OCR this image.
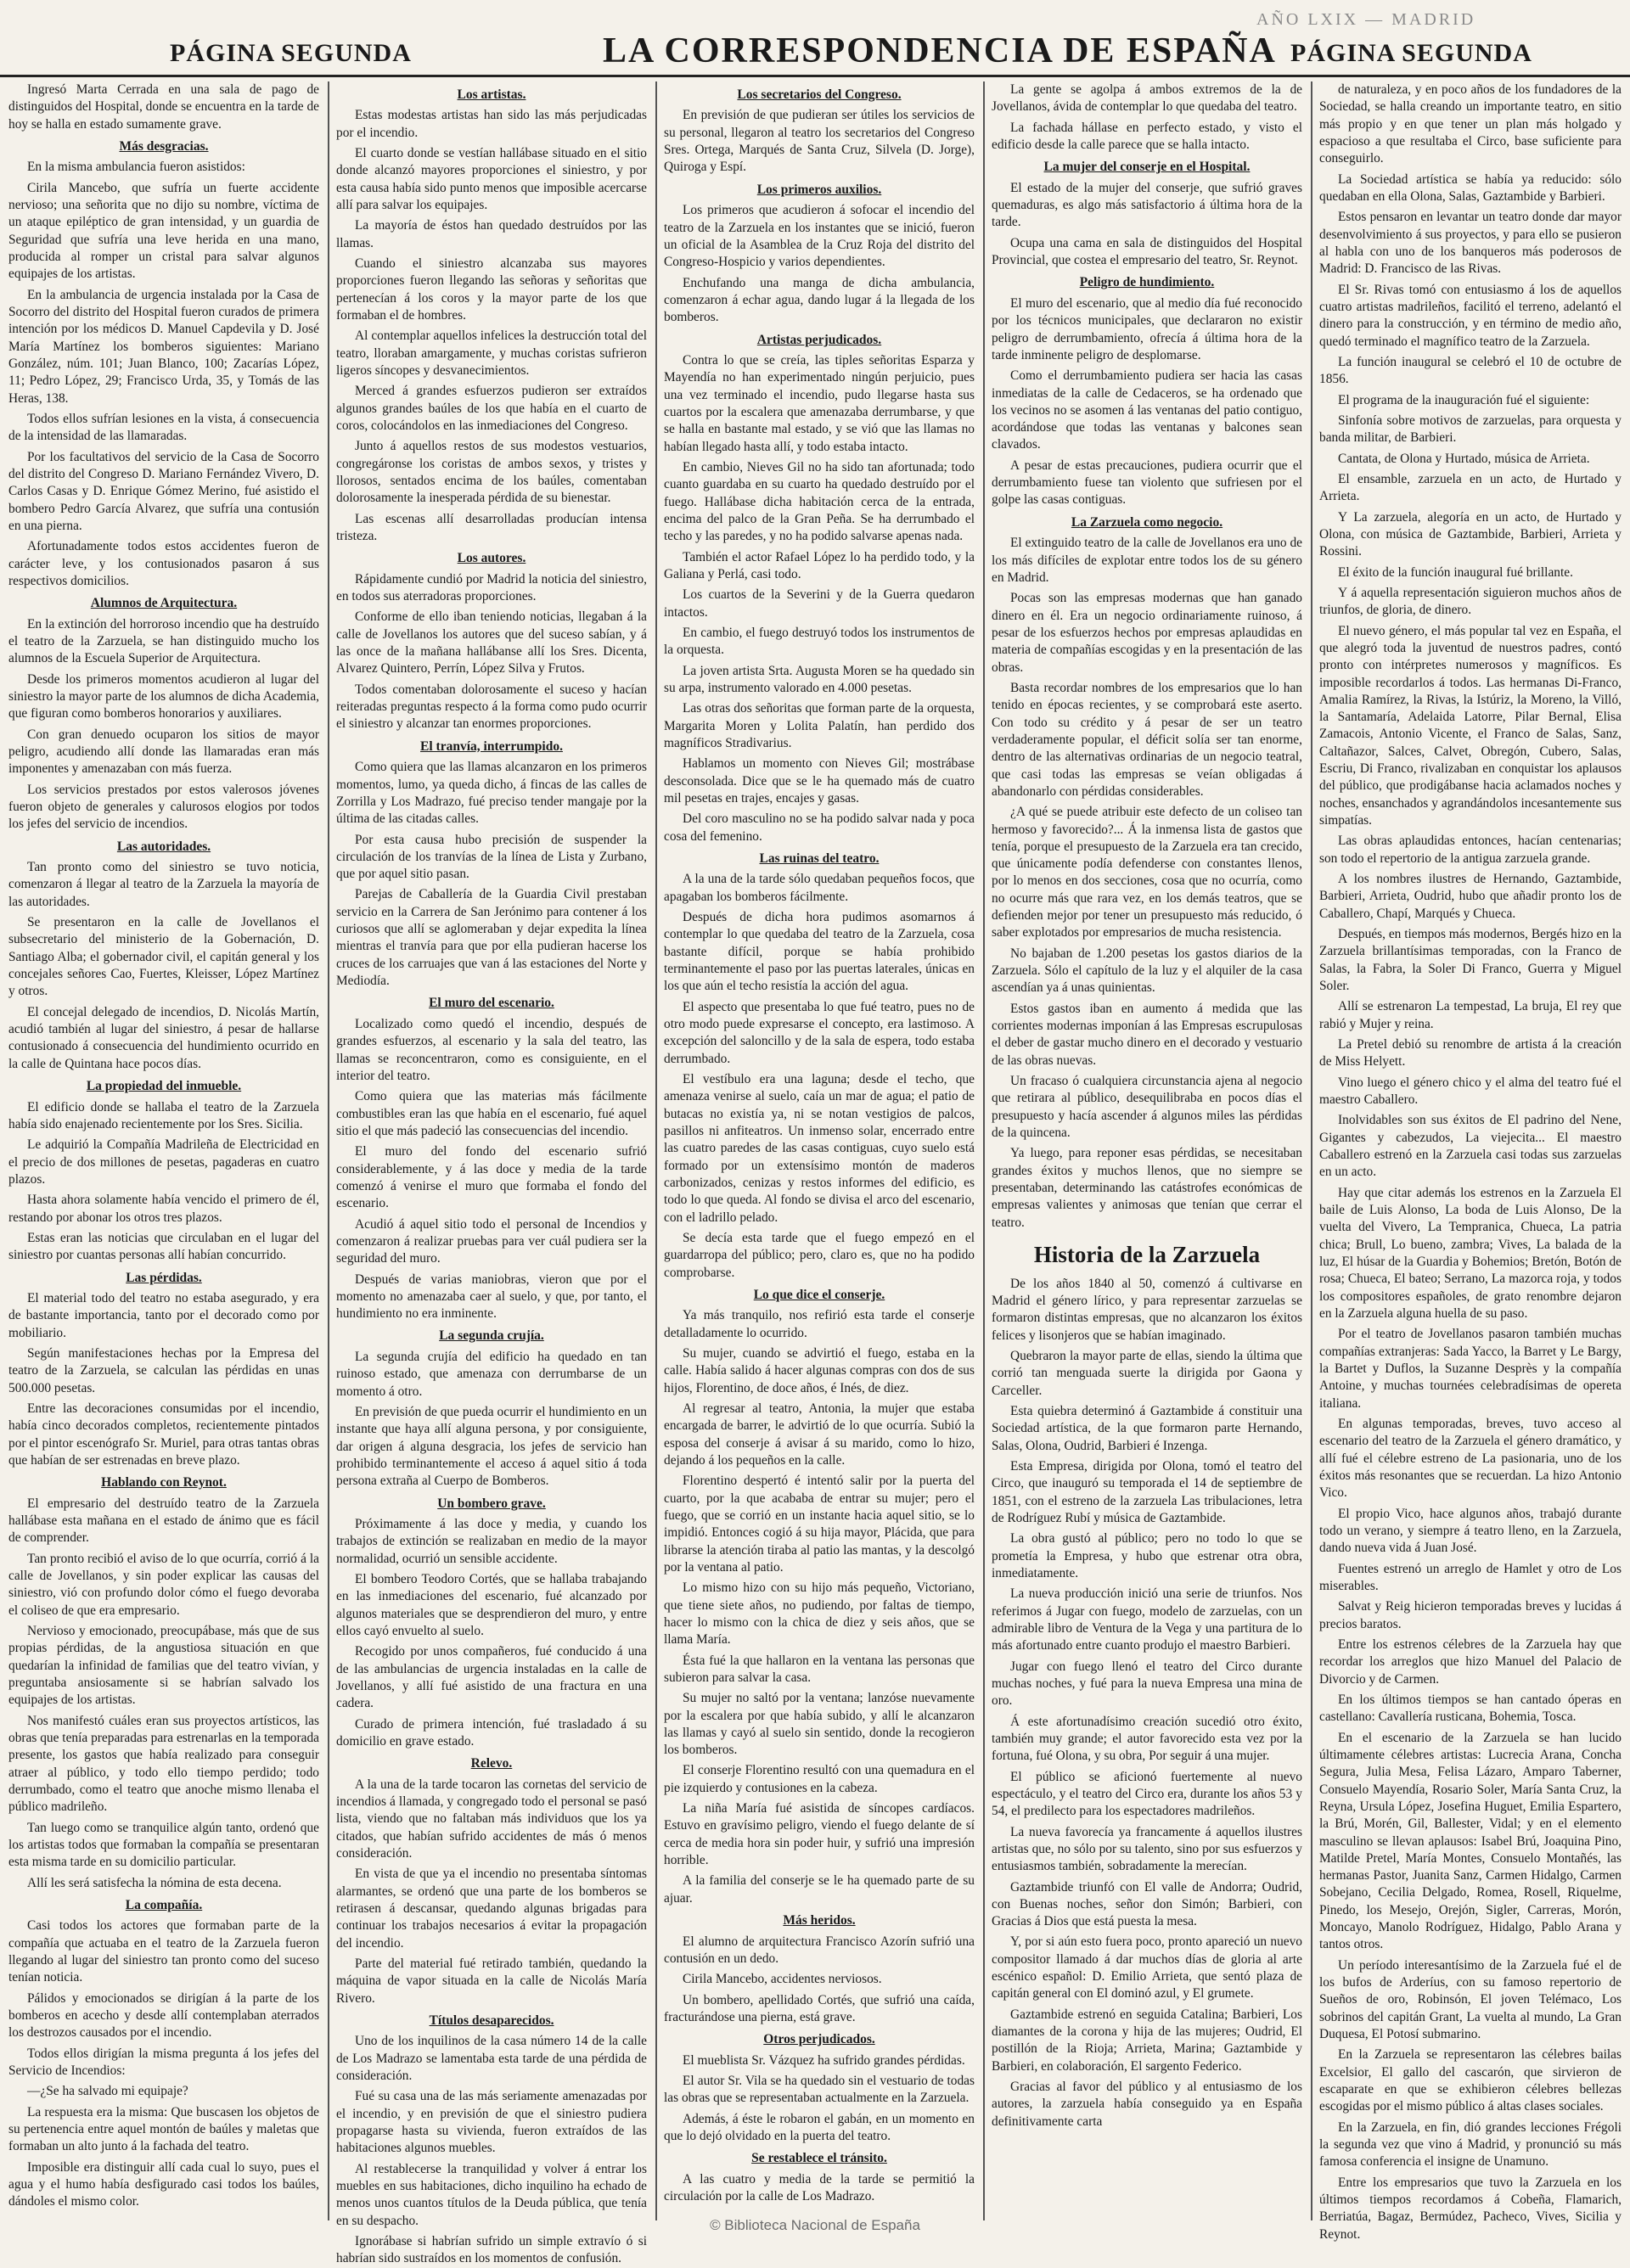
AÑO LXIX — MADRID
PÁGINA SEGUNDA	LA CORRESPONDENCIA DE ESPAÑA PÁGINA SEGUNDA

Ingresó Marta Cerrada en una sala de pago de distinguidos del Hospital, donde se encuentra en la tarde de hoy se halla en estado sumamente grave.

Más desgracias.

En la misma ambulancia fueron asistidos:

Cirila Mancebo, que sufría un fuerte accidente nervioso; una señorita que no dijo su nombre, víctima de un ataque epiléptico de gran intensidad, y un guardia de Seguridad que sufría una leve herida en una mano, producida al romper un cristal para salvar algunos equipajes de los artistas.

En la ambulancia de urgencia instalada por la Casa de Socorro del distrito del Hospital fueron curados de primera intención por los médicos D. Manuel Capdevila y D. José María Martínez los bomberos siguientes: Mariano González, núm. 101; Juan Blanco, 100; Zacarías López, 11; Pedro López, 29; Francisco Urda, 35, y Tomás de las Heras, 138.

Todos ellos sufrían lesiones en la vista, á consecuencia de la intensidad de las llamaradas.

Por los facultativos del servicio de la Casa de Socorro del distrito del Congreso D. Mariano Fernández Vivero, D. Carlos Casas y D. Enrique Gómez Merino, fué asistido el bombero Pedro García Alvarez, que sufría una contusión en una pierna.

Afortunadamente todos estos accidentes fueron de carácter leve, y los contusionados pasaron á sus respectivos domicilios.

Alumnos de Arquitectura.

En la extinción del horroroso incendio que ha destruído el teatro de la Zarzuela, se han distinguido mucho los alumnos de la Escuela Superior de Arquitectura.

Desde los primeros momentos acudieron al lugar del siniestro la mayor parte de los alumnos de dicha Academia, que figuran como bomberos honorarios y auxiliares.

Con gran denuedo ocuparon los sitios de mayor peligro, acudiendo allí donde las llamaradas eran más imponentes y amenazaban con más fuerza.

Los servicios prestados por estos valerosos jóvenes fueron objeto de generales y calurosos elogios por todos los jefes del servicio de incendios.

Las autoridades.

Tan pronto como del siniestro se tuvo noticia, comenzaron á llegar al teatro de la Zarzuela la mayoría de las autoridades.

Se presentaron en la calle de Jovellanos el subsecretario del ministerio de la Gobernación, D. Santiago Alba; el gobernador civil, el capitán general y los concejales señores Cao, Fuertes, Kleisser, López Martínez y otros.

El concejal delegado de incendios, D. Nicolás Martín, acudió también al lugar del siniestro, á pesar de hallarse contusionado á consecuencia del hundimiento ocurrido en la calle de Quintana hace pocos días.

La propiedad del inmueble.

El edificio donde se hallaba el teatro de la Zarzuela había sido enajenado recientemente por los Sres. Sicilia.

Le adquirió la Compañía Madrileña de Electricidad en el precio de dos millones de pesetas, pagaderas en cuatro plazos.

Hasta ahora solamente había vencido el primero de él, restando por abonar los otros tres plazos.

Estas eran las noticias que circulaban en el lugar del siniestro por cuantas personas allí habían concurrido.

Las pérdidas.

El material todo del teatro no estaba asegurado, y era de bastante importancia, tanto por el decorado como por mobiliario.

Según manifestaciones hechas por la Empresa del teatro de la Zarzuela, se calculan las pérdidas en unas 500.000 pesetas.

Entre las decoraciones consumidas por el incendio, había cinco decorados completos, recientemente pintados por el pintor escenógrafo Sr. Muriel, para otras tantas obras que habían de ser estrenadas en breve plazo.

Hablando con Reynot.

El empresario del destruído teatro de la Zarzuela hallábase esta mañana en el estado de ánimo que es fácil de comprender.

Tan pronto recibió el aviso de lo que ocurría, corrió á la calle de Jovellanos, y sin poder explicar las causas del siniestro, vió con profundo dolor cómo el fuego devoraba el coliseo de que era empresario.

Nervioso y emocionado, preocupábase, más que de sus propias pérdidas, de la angustiosa situación en que quedarían la infinidad de familias que del teatro vivían, y preguntaba ansiosamente si se habrían salvado los equipajes de los artistas.

Nos manifestó cuáles eran sus proyectos artísticos, las obras que tenía preparadas para estrenarlas en la temporada presente, los gastos que había realizado para conseguir atraer al público, y todo ello tiempo perdido; todo derrumbado, como el teatro que anoche mismo llenaba el público madrileño.

Tan luego como se tranquilice algún tanto, ordenó que los artistas todos que formaban la compañía se presentaran esta misma tarde en su domicilio particular.

Allí les será satisfecha la nómina de esta decena.

La compañía.

Casi todos los actores que formaban parte de la compañía que actuaba en el teatro de la Zarzuela fueron llegando al lugar del siniestro tan pronto como del suceso tenían noticia.

Pálidos y emocionados se dirigían á la parte de los bomberos en acecho y desde allí contemplaban aterrados los destrozos causados por el incendio.

Todos ellos dirigían la misma pregunta á los jefes del Servicio de Incendios:

—¿Se ha salvado mi equipaje?

La respuesta era la misma: Que buscasen los objetos de su pertenencia entre aquel montón de baúles y maletas que formaban un alto junto á la fachada del teatro.

Imposible era distinguir allí cada cual lo suyo, pues el agua y el humo había desfigurado casi todos los baúles, dándoles el mismo color.

Los artistas.

Estas modestas artistas han sido las más perjudicadas por el incendio.

El cuarto donde se vestían hallábase situado en el sitio donde alcanzó mayores proporciones el siniestro, y por esta causa había sido punto menos que imposible acercarse allí para salvar los equipajes.

La mayoría de éstos han quedado destruídos por las llamas.

Cuando el siniestro alcanzaba sus mayores proporciones fueron llegando las señoras y señoritas que pertenecían á los coros y la mayor parte de los que formaban el de hombres.

Al contemplar aquellos infelices la destrucción total del teatro, lloraban amargamente, y muchas coristas sufrieron ligeros síncopes y desvanecimientos.

Merced á grandes esfuerzos pudieron ser extraídos algunos grandes baúles de los que había en el cuarto de coros, colocándolos en las inmediaciones del Congreso.

Junto á aquellos restos de sus modestos vestuarios, congregáronse los coristas de ambos sexos, y tristes y llorosos, sentados encima de los baúles, comentaban dolorosamente la inesperada pérdida de su bienestar.

Las escenas allí desarrolladas producían intensa tristeza.

Los autores.

Rápidamente cundió por Madrid la noticia del siniestro, en todos sus aterradoras proporciones.

Conforme de ello iban teniendo noticias, llegaban á la calle de Jovellanos los autores que del suceso sabían, y á las once de la mañana hallábanse allí los Sres. Dicenta, Alvarez Quintero, Perrín, López Silva y Frutos.

Todos comentaban dolorosamente el suceso y hacían reiteradas preguntas respecto á la forma como pudo ocurrir el siniestro y alcanzar tan enormes proporciones.

El tranvía, interrumpido.

Como quiera que las llamas alcanzaron en los primeros momentos, lumo, ya queda dicho, á fincas de las calles de Zorrilla y Los Madrazo, fué preciso tender mangaje por la última de las citadas calles.

Por esta causa hubo precisión de suspender la circulación de los tranvías de la línea de Lista y Zurbano, que por aquel sitio pasan.

Parejas de Caballería de la Guardia Civil prestaban servicio en la Carrera de San Jerónimo para contener á los curiosos que allí se aglomeraban y dejar expedita la línea mientras el tranvía para que por ella pudieran hacerse los cruces de los carruajes que van á las estaciones del Norte y Mediodía.

El muro del escenario.

Localizado como quedó el incendio, después de grandes esfuerzos, al escenario y la sala del teatro, las llamas se reconcentraron, como es consiguiente, en el interior del teatro.

Como quiera que las materias más fácilmente combustibles eran las que había en el escenario, fué aquel sitio el que más padeció las consecuencias del incendio.

El muro del fondo del escenario sufrió considerablemente, y á las doce y media de la tarde comenzó á venirse el muro que formaba el fondo del escenario.

Acudió á aquel sitio todo el personal de Incendios y comenzaron á realizar pruebas para ver cuál pudiera ser la seguridad del muro.

Después de varias maniobras, vieron que por el momento no amenazaba caer al suelo, y que, por tanto, el hundimiento no era inminente.

La segunda crujía.

La segunda crujía del edificio ha quedado en tan ruinoso estado, que amenaza con derrumbarse de un momento á otro.

En previsión de que pueda ocurrir el hundimiento en un instante que haya allí alguna persona, y por consiguiente, dar origen á alguna desgracia, los jefes de servicio han prohibido terminantemente el acceso á aquel sitio á toda persona extraña al Cuerpo de Bomberos.

Un bombero grave.

Próximamente á las doce y media, y cuando los trabajos de extinción se realizaban en medio de la mayor normalidad, ocurrió un sensible accidente.

El bombero Teodoro Cortés, que se hallaba trabajando en las inmediaciones del escenario, fué alcanzado por algunos materiales que se desprendieron del muro, y entre ellos cayó envuelto al suelo.

Recogido por unos compañeros, fué conducido á una de las ambulancias de urgencia instaladas en la calle de Jovellanos, y allí fué asistido de una fractura en una cadera.

Curado de primera intención, fué trasladado á su domicilio en grave estado.

Relevo.

A la una de la tarde tocaron las cornetas del servicio de incendios á llamada, y congregado todo el personal se pasó lista, viendo que no faltaban más individuos que los ya citados, que habían sufrido accidentes de más ó menos consideración.

En vista de que ya el incendio no presentaba síntomas alarmantes, se ordenó que una parte de los bomberos se retirasen á descansar, quedando algunas brigadas para continuar los trabajos necesarios á evitar la propagación del incendio.

Parte del material fué retirado también, quedando la máquina de vapor situada en la calle de Nicolás María Rivero.

Títulos desaparecidos.

Uno de los inquilinos de la casa número 14 de la calle de Los Madrazo se lamentaba esta tarde de una pérdida de consideración.

Fué su casa una de las más seriamente amenazadas por el incendio, y en previsión de que el siniestro pudiera propagarse hasta su vivienda, fueron extraídos de las habitaciones algunos muebles.

Al restablecerse la tranquilidad y volver á entrar los muebles en sus habitaciones, dicho inquilino ha echado de menos unos cuantos títulos de la Deuda pública, que tenía en su despacho.

Ignorábase si habrían sufrido un simple extravío ó si habrían sido sustraídos en los momentos de confusión.

Los secretarios del Congreso.

En previsión de que pudieran ser útiles los servicios de su personal, llegaron al teatro los secretarios del Congreso Sres. Ortega, Marqués de Santa Cruz, Silvela (D. Jorge), Quiroga y Espí.

Los primeros auxilios.

Los primeros que acudieron á sofocar el incendio del teatro de la Zarzuela en los instantes que se inició, fueron un oficial de la Asamblea de la Cruz Roja del distrito del Congreso-Hospicio y varios dependientes.

Enchufando una manga de dicha ambulancia, comenzaron á echar agua, dando lugar á la llegada de los bomberos.

Artistas perjudicados.

Contra lo que se creía, las tiples señoritas Esparza y Mayendía no han experimentado ningún perjuicio, pues una vez terminado el incendio, pudo llegarse hasta sus cuartos por la escalera que amenazaba derrumbarse, y que se halla en bastante mal estado, y se vió que las llamas no habían llegado hasta allí, y todo estaba intacto.

En cambio, Nieves Gil no ha sido tan afortunada; todo cuanto guardaba en su cuarto ha quedado destruído por el fuego. Hallábase dicha habitación cerca de la entrada, encima del palco de la Gran Peña. Se ha derrumbado el techo y las paredes, y no ha podido salvarse apenas nada.

También el actor Rafael López lo ha perdido todo, y la Galiana y Perlá, casi todo.

Los cuartos de la Severini y de la Guerra quedaron intactos.

En cambio, el fuego destruyó todos los instrumentos de la orquesta.

La joven artista Srta. Augusta Moren se ha quedado sin su arpa, instrumento valorado en 4.000 pesetas.

Las otras dos señoritas que forman parte de la orquesta, Margarita Moren y Lolita Palatín, han perdido dos magníficos Stradivarius.

Hablamos un momento con Nieves Gil; mostrábase desconsolada. Dice que se le ha quemado más de cuatro mil pesetas en trajes, encajes y gasas.

Del coro masculino no se ha podido salvar nada y poca cosa del femenino.

Las ruinas del teatro.

A la una de la tarde sólo quedaban pequeños focos, que apagaban los bomberos fácilmente.

Después de dicha hora pudimos asomarnos á contemplar lo que quedaba del teatro de la Zarzuela, cosa bastante difícil, porque se había prohibido terminantemente el paso por las puertas laterales, únicas en los que aún el techo resistía la acción del agua.

El aspecto que presentaba lo que fué teatro, pues no de otro modo puede expresarse el concepto, era lastimoso. A excepción del saloncillo y de la sala de espera, todo estaba derrumbado.

El vestíbulo era una laguna; desde el techo, que amenaza venirse al suelo, caía un mar de agua; el patio de butacas no existía ya, ni se notan vestigios de palcos, pasillos ni anfiteatros. Un inmenso solar, encerrado entre las cuatro paredes de las casas contiguas, cuyo suelo está formado por un extensísimo montón de maderos carbonizados, cenizas y restos informes del edificio, es todo lo que queda. Al fondo se divisa el arco del escenario, con el ladrillo pelado.

Se decía esta tarde que el fuego empezó en el guardarropa del público; pero, claro es, que no ha podido comprobarse.

Lo que dice el conserje.

Ya más tranquilo, nos refirió esta tarde el conserje detalladamente lo ocurrido.

Su mujer, cuando se advirtió el fuego, estaba en la calle. Había salido á hacer algunas compras con dos de sus hijos, Florentino, de doce años, é Inés, de diez.

Al regresar al teatro, Antonia, la mujer que estaba encargada de barrer, le advirtió de lo que ocurría. Subió la esposa del conserje á avisar á su marido, como lo hizo, dejando á los pequeños en la calle.

Florentino despertó é intentó salir por la puerta del cuarto, por la que acababa de entrar su mujer; pero el fuego, que se corrió en un instante hacia aquel sitio, se lo impidió. Entonces cogió á su hija mayor, Plácida, que para librarse la atención tiraba al patio las mantas, y la descolgó por la ventana al patio.

Lo mismo hizo con su hijo más pequeño, Victoriano, que tiene siete años, no pudiendo, por faltas de tiempo, hacer lo mismo con la chica de diez y seis años, que se llama María.

Ésta fué la que hallaron en la ventana las personas que subieron para salvar la casa.

Su mujer no saltó por la ventana; lanzóse nuevamente por la escalera por que había subido, y allí le alcanzaron las llamas y cayó al suelo sin sentido, donde la recogieron los bomberos.

El conserje Florentino resultó con una quemadura en el pie izquierdo y contusiones en la cabeza.

La niña María fué asistida de síncopes cardíacos. Estuvo en gravísimo peligro, viendo el fuego delante de sí cerca de media hora sin poder huir, y sufrió una impresión horrible.

A la familia del conserje se le ha quemado parte de su ajuar.

Más heridos.

El alumno de arquitectura Francisco Azorín sufrió una contusión en un dedo.

Cirila Mancebo, accidentes nerviosos.

Un bombero, apellidado Cortés, que sufrió una caída, fracturándose una pierna, está grave.

Otros perjudicados.

El mueblista Sr. Vázquez ha sufrido grandes pérdidas.

El autor Sr. Vila se ha quedado sin el vestuario de todas las obras que se representaban actualmente en la Zarzuela.

Además, á éste le robaron el gabán, en un momento en que lo dejó olvidado en la puerta del teatro.

Se restablece el tránsito.

A las cuatro y media de la tarde se permitió la circulación por la calle de Los Madrazo.

La gente se agolpa á ambos extremos de la de Jovellanos, ávida de contemplar lo que quedaba del teatro.

La fachada hállase en perfecto estado, y visto el edificio desde la calle parece que se halla intacto.

La mujer del conserje en el Hospital.

El estado de la mujer del conserje, que sufrió graves quemaduras, es algo más satisfactorio á última hora de la tarde.

Ocupa una cama en sala de distinguidos del Hospital Provincial, que costea el empresario del teatro, Sr. Reynot.

Peligro de hundimiento.

El muro del escenario, que al medio día fué reconocido por los técnicos municipales, que declararon no existir peligro de derrumbamiento, ofrecía á última hora de la tarde inminente peligro de desplomarse.

Como el derrumbamiento pudiera ser hacia las casas inmediatas de la calle de Cedaceros, se ha ordenado que los vecinos no se asomen á las ventanas del patio contiguo, acordándose que todas las ventanas y balcones sean clavados.

A pesar de estas precauciones, pudiera ocurrir que el derrumbamiento fuese tan violento que sufriesen por el golpe las casas contiguas.

La Zarzuela como negocio.

El extinguido teatro de la calle de Jovellanos era uno de los más difíciles de explotar entre todos los de su género en Madrid.

Pocas son las empresas modernas que han ganado dinero en él. Era un negocio ordinariamente ruinoso, á pesar de los esfuerzos hechos por empresas aplaudidas en materia de compañías escogidas y en la presentación de las obras.

Basta recordar nombres de los empresarios que lo han tenido en épocas recientes, y se comprobará este aserto. Con todo su crédito y á pesar de ser un teatro verdaderamente popular, el déficit solía ser tan enorme, dentro de las alternativas ordinarias de un negocio teatral, que casi todas las empresas se veían obligadas á abandonarlo con pérdidas considerables.

¿A qué se puede atribuir este defecto de un coliseo tan hermoso y favorecido?... Á la inmensa lista de gastos que tenía, porque el presupuesto de la Zarzuela era tan crecido, que únicamente podía defenderse con constantes llenos, por lo menos en dos secciones, cosa que no ocurría, como no ocurre más que rara vez, en los demás teatros, que se defienden mejor por tener un presupuesto más reducido, ó saber explotados por empresarios de mucha resistencia.

No bajaban de 1.200 pesetas los gastos diarios de la Zarzuela. Sólo el capítulo de la luz y el alquiler de la casa ascendían ya á unas quinientas.

Estos gastos iban en aumento á medida que las corrientes modernas imponían á las Empresas escrupulosas el deber de gastar mucho dinero en el decorado y vestuario de las obras nuevas.

Un fracaso ó cualquiera circunstancia ajena al negocio que retirara al público, desequilibraba en pocos días el presupuesto y hacía ascender á algunos miles las pérdidas de la quincena.

Ya luego, para reponer esas pérdidas, se necesitaban grandes éxitos y muchos llenos, que no siempre se presentaban, determinando las catástrofes económicas de empresas valientes y animosas que tenían que cerrar el teatro.

Historia de la Zarzuela

De los años 1840 al 50, comenzó á cultivarse en Madrid el género lírico, y para representar zarzuelas se formaron distintas empresas, que no alcanzaron los éxitos felices y lisonjeros que se habían imaginado.

Quebraron la mayor parte de ellas, siendo la última que corrió tan menguada suerte la dirigida por Gaona y Carceller.

Esta quiebra determinó á Gaztambide á constituir una Sociedad artística, de la que formaron parte Hernando, Salas, Olona, Oudrid, Barbieri é Inzenga.

Esta Empresa, dirigida por Olona, tomó el teatro del Circo, que inauguró su temporada el 14 de septiembre de 1851, con el estreno de la zarzuela Las tribulaciones, letra de Rodríguez Rubí y música de Gaztambide.

La obra gustó al público; pero no todo lo que se prometía la Empresa, y hubo que estrenar otra obra, inmediatamente.

La nueva producción inició una serie de triunfos. Nos referimos á Jugar con fuego, modelo de zarzuelas, con un admirable libro de Ventura de la Vega y una partitura de lo más afortunado entre cuanto produjo el maestro Barbieri.

Jugar con fuego llenó el teatro del Circo durante muchas noches, y fué para la nueva Empresa una mina de oro.

Á este afortunadísimo creación sucedió otro éxito, también muy grande; el autor favorecido esta vez por la fortuna, fué Olona, y su obra, Por seguir á una mujer.

El público se aficionó fuertemente al nuevo espectáculo, y el teatro del Circo era, durante los años 53 y 54, el predilecto para los espectadores madrileños.

La nueva favorecía ya francamente á aquellos ilustres artistas que, no sólo por su talento, sino por sus esfuerzos y entusiasmos también, sobradamente la merecían.

Gaztambide triunfó con El valle de Andorra; Oudrid, con Buenas noches, señor don Simón; Barbieri, con Gracias á Dios que está puesta la mesa.

Y, por si aún esto fuera poco, pronto apareció un nuevo compositor llamado á dar muchos días de gloria al arte escénico español: D. Emilio Arrieta, que sentó plaza de capitán general con El dominó azul, y El grumete.

Gaztambide estrenó en seguida Catalina; Barbieri, Los diamantes de la corona y hija de las mujeres; Oudrid, El postillón de la Rioja; Arrieta, Marina; Gaztambide y Barbieri, en colaboración, El sargento Federico.

Gracias al favor del público y al entusiasmo de los autores, la zarzuela había conseguido ya en España definitivamente carta

de naturaleza, y en poco años de los fundadores de la Sociedad, se halla creando un importante teatro, en sitio más propio y en que tener un plan más holgado y espacioso a que resultaba el Circo, base suficiente para conseguirlo.

La Sociedad artística se había ya reducido: sólo quedaban en ella Olona, Salas, Gaztambide y Barbieri.

Estos pensaron en levantar un teatro donde dar mayor desenvolvimiento á sus proyectos, y para ello se pusieron al habla con uno de los banqueros más poderosos de Madrid: D. Francisco de las Rivas.

El Sr. Rivas tomó con entusiasmo á los de aquellos cuatro artistas madrileños, facilitó el terreno, adelantó el dinero para la construcción, y en término de medio año, quedó terminado el magnífico teatro de la Zarzuela.

La función inaugural se celebró el 10 de octubre de 1856.

El programa de la inauguración fué el siguiente:

Sinfonía sobre motivos de zarzuelas, para orquesta y banda militar, de Barbieri.

Cantata, de Olona y Hurtado, música de Arrieta.

El ensamble, zarzuela en un acto, de Hurtado y Arrieta.

Y La zarzuela, alegoría en un acto, de Hurtado y Olona, con música de Gaztambide, Barbieri, Arrieta y Rossini.

El éxito de la función inaugural fué brillante.

Y á aquella representación siguieron muchos años de triunfos, de gloria, de dinero.

El nuevo género, el más popular tal vez en España, el que alegró toda la juventud de nuestros padres, contó pronto con intérpretes numerosos y magníficos. Es imposible recordarlos á todos. Las hermanas Di-Franco, Amalia Ramírez, la Rivas, la Istúriz, la Moreno, la Villó, la Santamaría, Adelaida Latorre, Pilar Bernal, Elisa Zamacois, Antonio Vicente, el Franco de Salas, Sanz, Caltañazor, Salces, Calvet, Obregón, Cubero, Salas, Escriu, Di Franco, rivalizaban en conquistar los aplausos del público, que prodigábanse hacia aclamados noches y noches, ensanchados y agrandándolos incesantemente sus simpatías.

Las obras aplaudidas entonces, hacían centenarias; son todo el repertorio de la antigua zarzuela grande.

A los nombres ilustres de Hernando, Gaztambide, Barbieri, Arrieta, Oudrid, hubo que añadir pronto los de Caballero, Chapí, Marqués y Chueca.

Después, en tiempos más modernos, Bergés hizo en la Zarzuela brillantísimas temporadas, con la Franco de Salas, la Fabra, la Soler Di Franco, Guerra y Miguel Soler.

Allí se estrenaron La tempestad, La bruja, El rey que rabió y Mujer y reina.

La Pretel debió su renombre de artista á la creación de Miss Helyett.

Vino luego el género chico y el alma del teatro fué el maestro Caballero.

Inolvidables son sus éxitos de El padrino del Nene, Gigantes y cabezudos, La viejecita... El maestro Caballero estrenó en la Zarzuela casi todas sus zarzuelas en un acto.

Hay que citar además los estrenos en la Zarzuela El baile de Luis Alonso, La boda de Luis Alonso, De la vuelta del Vivero, La Tempranica, Chueca, La patria chica; Brull, Lo bueno, zambra; Vives, La balada de la luz, El húsar de la Guardia y Bohemios; Bretón, Botón de rosa; Chueca, El bateo; Serrano, La mazorca roja, y todos los compositores españoles, de grato renombre dejaron en la Zarzuela alguna huella de su paso.

Por el teatro de Jovellanos pasaron también muchas compañías extranjeras: Sada Yacco, la Barret y Le Bargy, la Bartet y Duflos, la Suzanne Desprès y la compañía Antoine, y muchas tournées celebradísimas de opereta italiana.

En algunas temporadas, breves, tuvo acceso al escenario del teatro de la Zarzuela el género dramático, y allí fué el célebre estreno de La pasionaria, uno de los éxitos más resonantes que se recuerdan. La hizo Antonio Vico.

El propio Vico, hace algunos años, trabajó durante todo un verano, y siempre á teatro lleno, en la Zarzuela, dando nueva vida á Juan José.

Fuentes estrenó un arreglo de Hamlet y otro de Los miserables.

Salvat y Reig hicieron temporadas breves y lucidas á precios baratos.

Entre los estrenos célebres de la Zarzuela hay que recordar los arreglos que hizo Manuel del Palacio de Divorcio y de Carmen.

En los últimos tiempos se han cantado óperas en castellano: Cavallería rusticana, Bohemia, Tosca.

En el escenario de la Zarzuela se han lucido últimamente célebres artistas: Lucrecia Arana, Concha Segura, Julia Mesa, Felisa Lázaro, Amparo Taberner, Consuelo Mayendía, Rosario Soler, María Santa Cruz, la Reyna, Ursula López, Josefina Huguet, Emilia Espartero, la Brú, Morén, Gil, Ballester, Vidal; y en el elemento masculino se llevan aplausos: Isabel Brú, Joaquina Pino, Matilde Pretel, María Montes, Consuelo Montañés, las hermanas Pastor, Juanita Sanz, Carmen Hidalgo, Carmen Sobejano, Cecilia Delgado, Romea, Rosell, Riquelme, Pinedo, los Mesejo, Orejón, Sigler, Carreras, Morón, Moncayo, Manolo Rodríguez, Hidalgo, Pablo Arana y tantos otros.

Un período interesantísimo de la Zarzuela fué el de los bufos de Arderíus, con su famoso repertorio de Sueños de oro, Robinsón, El joven Telémaco, Los sobrinos del capitán Grant, La vuelta al mundo, La Gran Duquesa, El Potosí submarino.

En la Zarzuela se representaron las célebres bailas Excelsior, El gallo del cascarón, que sirvieron de escaparate en que se exhibieron célebres bellezas escogidas por el mismo público á altas clases sociales.

En la Zarzuela, en fin, dió grandes lecciones Frégoli la segunda vez que vino á Madrid, y pronunció su más famosa conferencia el insigne de Unamuno.

Entre los empresarios que tuvo la Zarzuela en los últimos tiempos recordamos á Cobeña, Flamarich, Berriatúa, Bagaz, Bermúdez, Pacheco, Vives, Sicilia y Reynot.

© Biblioteca Nacional de España
